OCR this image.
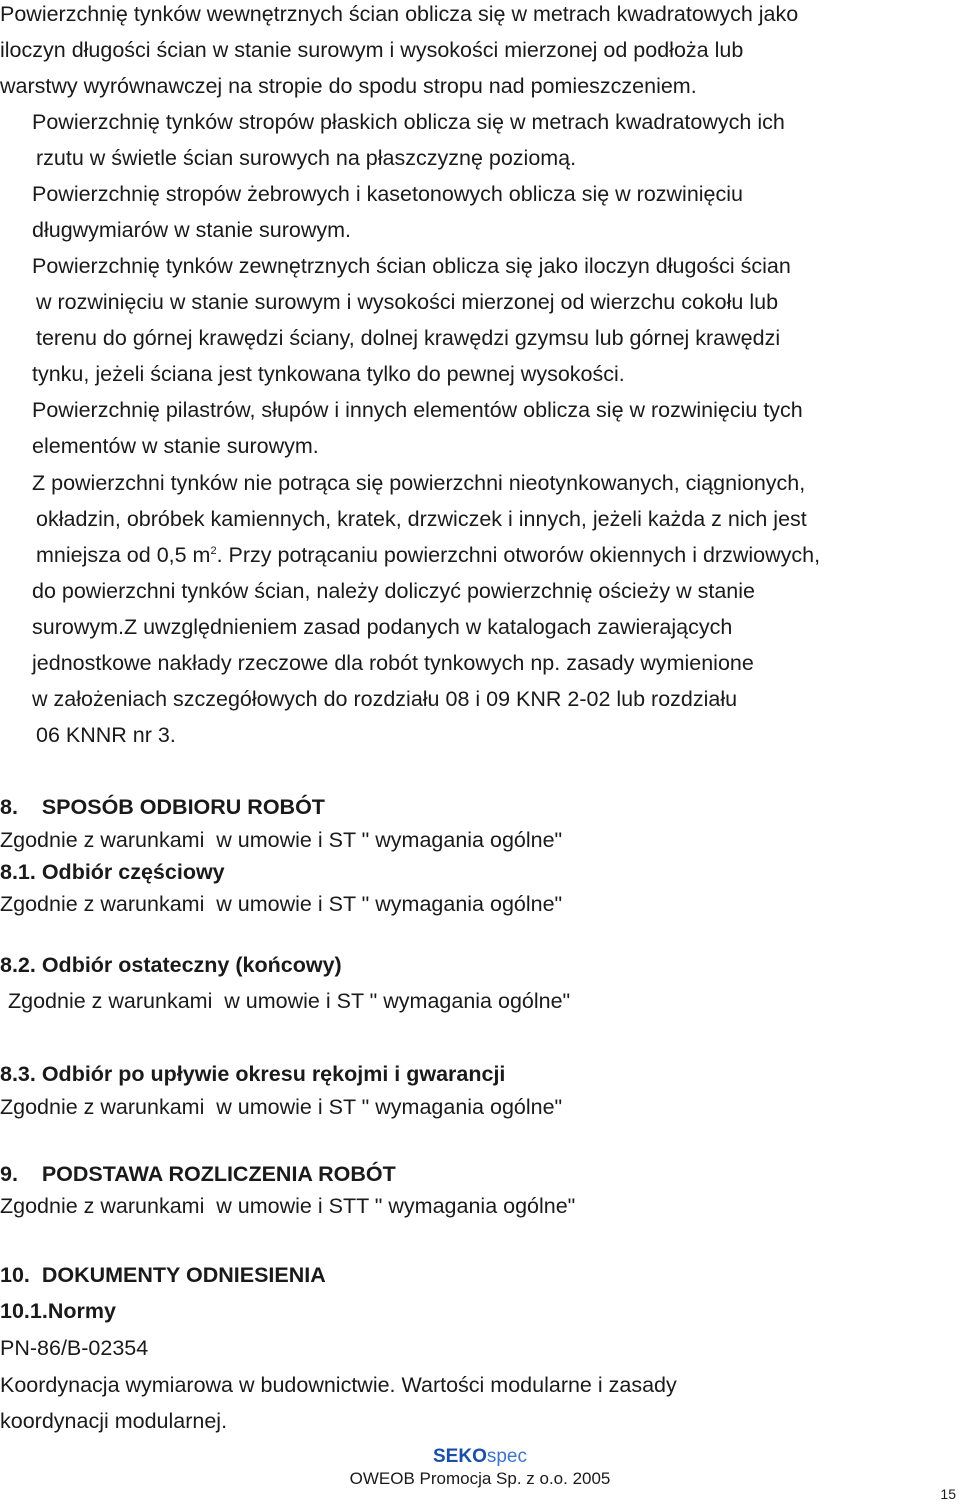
Powierzchnię tynków wewnętrznych ścian oblicza się w metrach kwadratowych jako

iloczyn długości ścian w stanie surowym i wysokości mierzonej od podłoża lub

warstwy wyrównawczej na stropie do spodu stropu nad pomieszczeniem.

Powierzchnię tynków stropów płaskich oblicza się w metrach kwadratowych ich

rzutu w świetle ścian surowych na płaszczyznę poziomą.

Powierzchnię stropów żebrowych i kasetonowych oblicza się w rozwinięciu

długwymiarów w stanie surowym.

Powierzchnię tynków zewnętrznych ścian oblicza się jako iloczyn długości ścian

w rozwinięciu w stanie surowym i wysokości mierzonej od wierzchu cokołu lub

terenu do górnej krawędzi ściany, dolnej krawędzi gzymsu lub górnej krawędzi

tynku, jeżeli ściana jest tynkowana tylko do pewnej wysokości.

Powierzchnię pilastrów, słupów i innych elementów oblicza się w rozwinięciu tych

elementów w stanie surowym.

Z powierzchni tynków nie potrąca się powierzchni nieotynkowanych, ciągnionych,

okładzin, obróbek kamiennych, kratek, drzwiczek i innych, jeżeli każda z nich jest

mniejsza od 0,5 $m^2$. Przy potrącaniu powierzchni otworów okiennych i drzwiowych,

do powierzchni tynków ścian, należy doliczyć powierzchnię ościeży w stanie

surowym.Z uwzględnieniem zasad podanych w katalogach zawierających

jednostkowe nakłady rzeczowe dla robót tynkowych np. zasady wymienione

w założeniach szczegółowych do rozdziału 08 i 09 KNR 2-02 lub rozdziału

06 KNNR nr 3.

8.    SPOSÓB ODBIORU ROBÓT

Zgodnie z warunkami  w umowie i ST " wymagania ogólne"

8.1. Odbiór częściowy

Zgodnie z warunkami  w umowie i ST " wymagania ogólne"

8.2. Odbiór ostateczny (końcowy)

Zgodnie z warunkami  w umowie i ST " wymagania ogólne"

8.3. Odbiór po upływie okresu rękojmi i gwarancji

Zgodnie z warunkami  w umowie i ST " wymagania ogólne"

9.    PODSTAWA ROZLICZENIA ROBÓT

Zgodnie z warunkami  w umowie i STT " wymagania ogólne"

10.  DOKUMENTY ODNIESIENIA

10.1.Normy

PN-86/B-02354

Koordynacja wymiarowa w budownictwie. Wartości modularne i zasady

koordynacji modularnej.

SEKOspec
OWEOB Promocja Sp. z o.o. 2005
15
